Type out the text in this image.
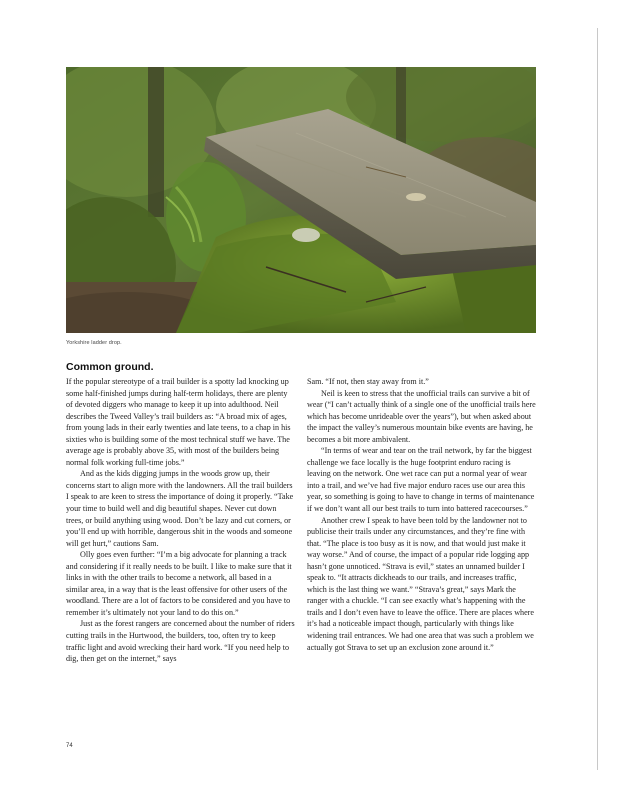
Yorkshire ladder drop.
Common ground.

If the popular stereotype of a trail builder is a spotty lad knocking up some half-finished jumps during half-term holidays, there are plenty of devoted diggers who manage to keep it up into adulthood. Neil describes the Tweed Valley’s trail builders as: “A broad mix of ages, from young lads in their early twenties and late teens, to a chap in his sixties who is building some of the most technical stuff we have. The average age is probably above 35, with most of the builders being normal folk working full-time jobs.”

And as the kids digging jumps in the woods grow up, their concerns start to align more with the landowners. All the trail builders I speak to are keen to stress the importance of doing it properly. “Take your time to build well and dig beautiful shapes. Never cut down trees, or build anything using wood. Don’t be lazy and cut corners, or you’ll end up with horrible, dangerous shit in the woods and someone will get hurt,” cautions Sam.

Olly goes even further: “I’m a big advocate for planning a track and considering if it really needs to be built. I like to make sure that it links in with the other trails to become a network, all based in a similar area, in a way that is the least offensive for other users of the woodland. There are a lot of factors to be considered and you have to remember it’s ultimately not your land to do this on.”

Just as the forest rangers are concerned about the number of riders cutting trails in the Hurtwood, the builders, too, often try to keep traffic light and avoid wrecking their hard work. “If you need help to dig, then get on the internet,” says

Sam. “If not, then stay away from it.”

Neil is keen to stress that the unofficial trails can survive a bit of wear (“I can’t actually think of a single one of the unofficial trails here which has become unrideable over the years”), but when asked about the impact the valley’s numerous mountain bike events are having, he becomes a bit more ambivalent.

“In terms of wear and tear on the trail network, by far the biggest challenge we face locally is the huge footprint enduro racing is leaving on the network. One wet race can put a normal year of wear into a trail, and we’ve had five major enduro races use our area this year, so something is going to have to change in terms of maintenance if we don’t want all our best trails to turn into battered racecourses.”

Another crew I speak to have been told by the landowner not to publicise their trails under any circumstances, and they’re fine with that. “The place is too busy as it is now, and that would just make it way worse.” And of course, the impact of a popular ride logging app hasn’t gone unnoticed. “Strava is evil,” states an unnamed builder I speak to. “It attracts dickheads to our trails, and increases traffic, which is the last thing we want.” “Strava’s great,” says Mark the ranger with a chuckle. “I can see exactly what’s happening with the trails and I don’t even have to leave the office. There are places where it’s had a noticeable impact though, particularly with things like widening trail entrances. We had one area that was such a problem we actually got Strava to set up an exclusion zone around it.”

74
